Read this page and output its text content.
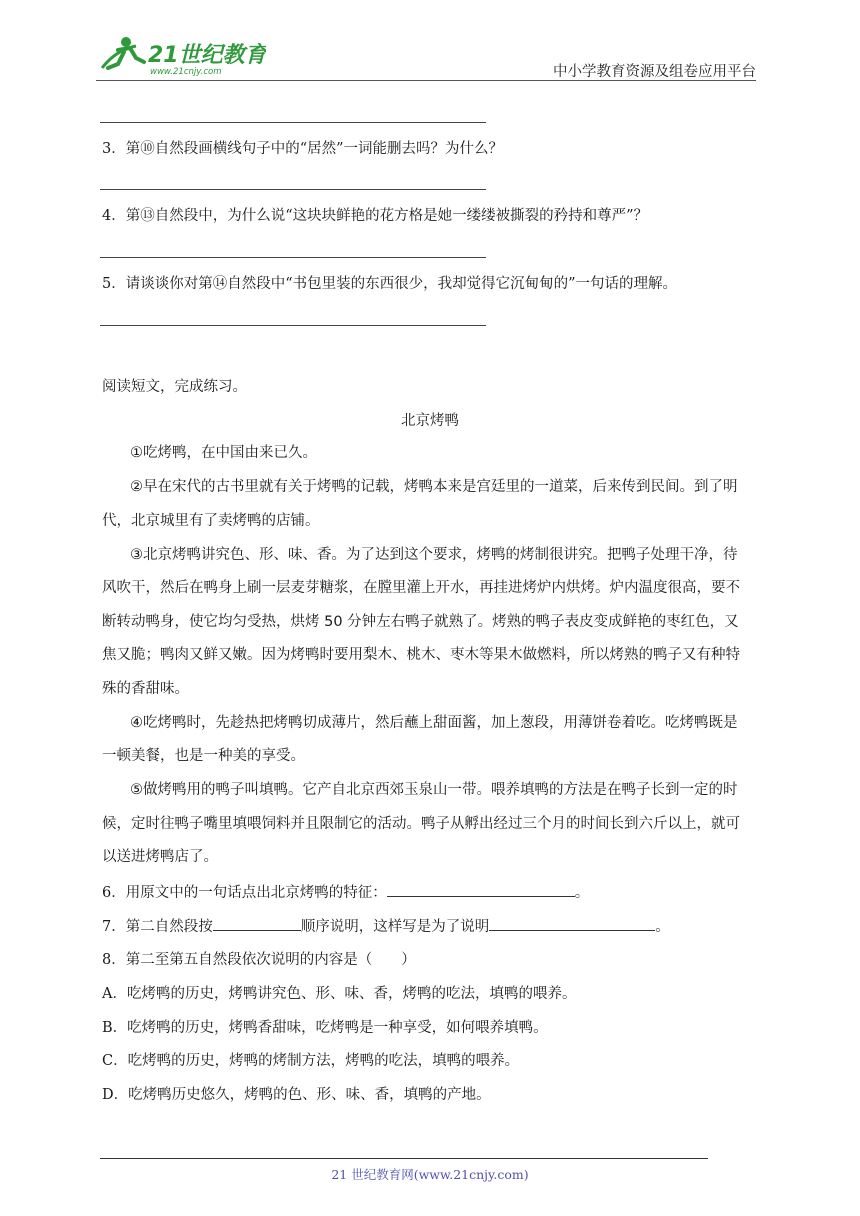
21世纪教育
www.21cnjy.com	中小学教育资源及组卷应用平台
3．第⑩自然段画横线句子中的“居然”一词能删去吗？为什么？
4．第⑬自然段中，为什么说“这块块鲜艳的花方格是她一缕缕被撕裂的矜持和尊严”？
5．请谈谈你对第⑭自然段中“书包里装的东西很少，我却觉得它沉甸甸的”一句话的理解。
阅读短文，完成练习。
北京烤鸭
①吃烤鸭，在中国由来已久。
②早在宋代的古书里就有关于烤鸭的记载，烤鸭本来是宫廷里的一道菜，后来传到民间。到了明
代，北京城里有了卖烤鸭的店铺。
③北京烤鸭讲究色、形、味、香。为了达到这个要求，烤鸭的烤制很讲究。把鸭子处理干净，待
风吹干，然后在鸭身上刷一层麦芽糖浆，在膛里灌上开水，再挂进烤炉内烘烤。炉内温度很高，要不
断转动鸭身，使它均匀受热，烘烤 50 分钟左右鸭子就熟了。烤熟的鸭子表皮变成鲜艳的枣红色，又
焦又脆；鸭肉又鲜又嫩。因为烤鸭时要用梨木、桃木、枣木等果木做燃料，所以烤熟的鸭子又有种特
殊的香甜味。
④吃烤鸭时，先趁热把烤鸭切成薄片，然后蘸上甜面酱，加上葱段，用薄饼卷着吃。吃烤鸭既是
一顿美餐，也是一种美的享受。
⑤做烤鸭用的鸭子叫填鸭。它产自北京西郊玉泉山一带。喂养填鸭的方法是在鸭子长到一定的时
候，定时往鸭子嘴里填喂饲料并且限制它的活动。鸭子从孵出经过三个月的时间长到六斤以上，就可
以送进烤鸭店了。
6．用原文中的一句话点出北京烤鸭的特征：	。
7．第二自然段按	顺序说明，这样写是为了说明	。
8．第二至第五自然段依次说明的内容是（　　）
A．吃烤鸭的历史，烤鸭讲究色、形、味、香，烤鸭的吃法，填鸭的喂养。
B．吃烤鸭的历史，烤鸭香甜味，吃烤鸭是一种享受，如何喂养填鸭。
C．吃烤鸭的历史，烤鸭的烤制方法，烤鸭的吃法，填鸭的喂养。
D．吃烤鸭历史悠久，烤鸭的色、形、味、香，填鸭的产地。
21 世纪教育网(www.21cnjy.com)
